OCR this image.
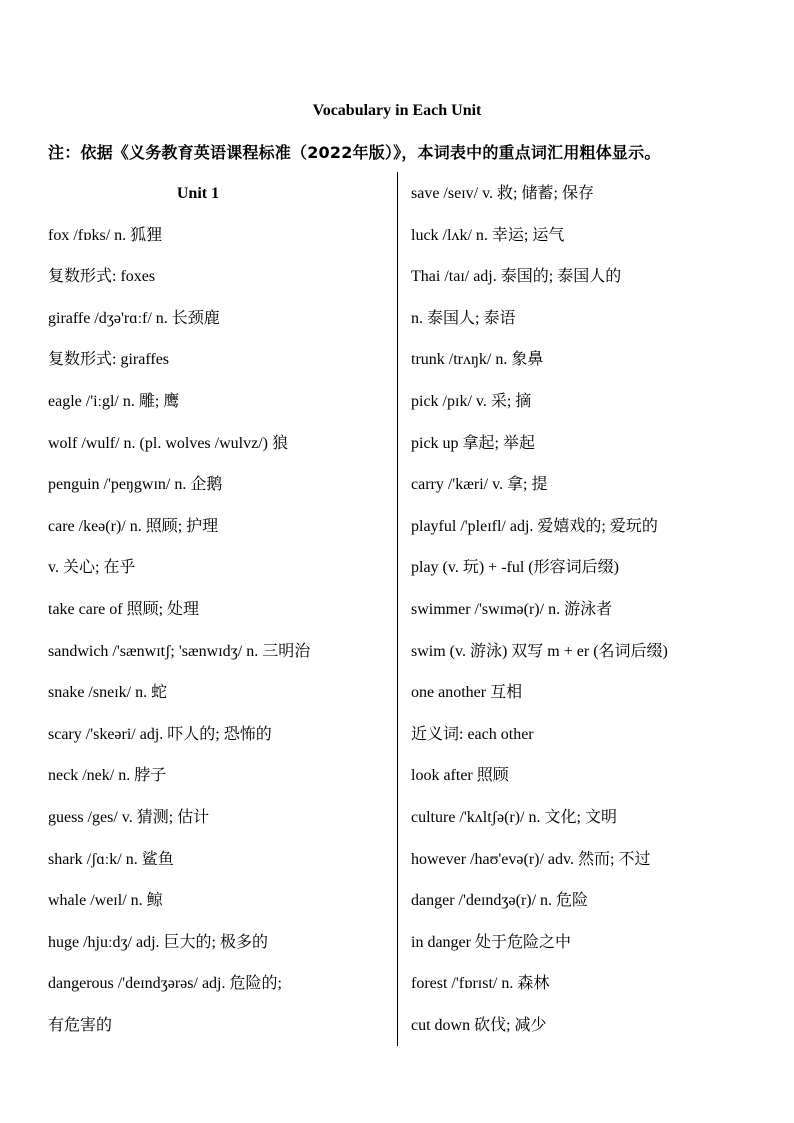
Vocabulary in Each Unit
注：依据《义务教育英语课程标准（2022年版）》，本词表中的重点词汇用粗体显示。
Unit 1
fox /fɒks/ n. 狐狸
复数形式: foxes
giraffe /dʒə'rɑːf/ n. 长颈鹿
复数形式: giraffes
eagle /'iːgl/ n. 雕; 鹰
wolf /wulf/ n. (pl. wolves /wulvz/) 狼
penguin /'peŋgwɪn/ n. 企鹅
care /keə(r)/ n. 照顾; 护理
v. 关心; 在乎
take care of 照顾; 处理
sandwich /'sænwɪtʃ; 'sænwɪdʒ/ n. 三明治
snake /sneɪk/ n. 蛇
scary /'skeəri/ adj. 吓人的; 恐怖的
neck /nek/ n. 脖子
guess /ges/ v. 猜测; 估计
shark /ʃɑːk/ n. 鲨鱼
whale /weɪl/ n. 鲸
huge /hjuːdʒ/ adj. 巨大的; 极多的
dangerous /'deɪndʒərəs/ adj. 危险的;
有危害的
save /seɪv/ v. 救; 储蓄; 保存
luck /lʌk/ n. 幸运; 运气
Thai /taɪ/ adj. 泰国的; 泰国人的
n. 泰国人; 泰语
trunk /trʌŋk/ n. 象鼻
pick /pɪk/ v. 采; 摘
pick up 拿起; 举起
carry /'kæri/ v. 拿; 提
playful /'pleɪfl/ adj. 爱嬉戏的; 爱玩的
play (v. 玩) + -ful (形容词后缀)
swimmer /'swɪmə(r)/ n. 游泳者
swim (v. 游泳) 双写 m + er (名词后缀)
one another 互相
近义词: each other
look after 照顾
culture /'kʌltʃə(r)/ n. 文化; 文明
however /haʊ'evə(r)/ adv. 然而; 不过
danger /'deɪndʒə(r)/ n. 危险
in danger 处于危险之中
forest /'fɒrɪst/ n. 森林
cut down 砍伐; 减少
